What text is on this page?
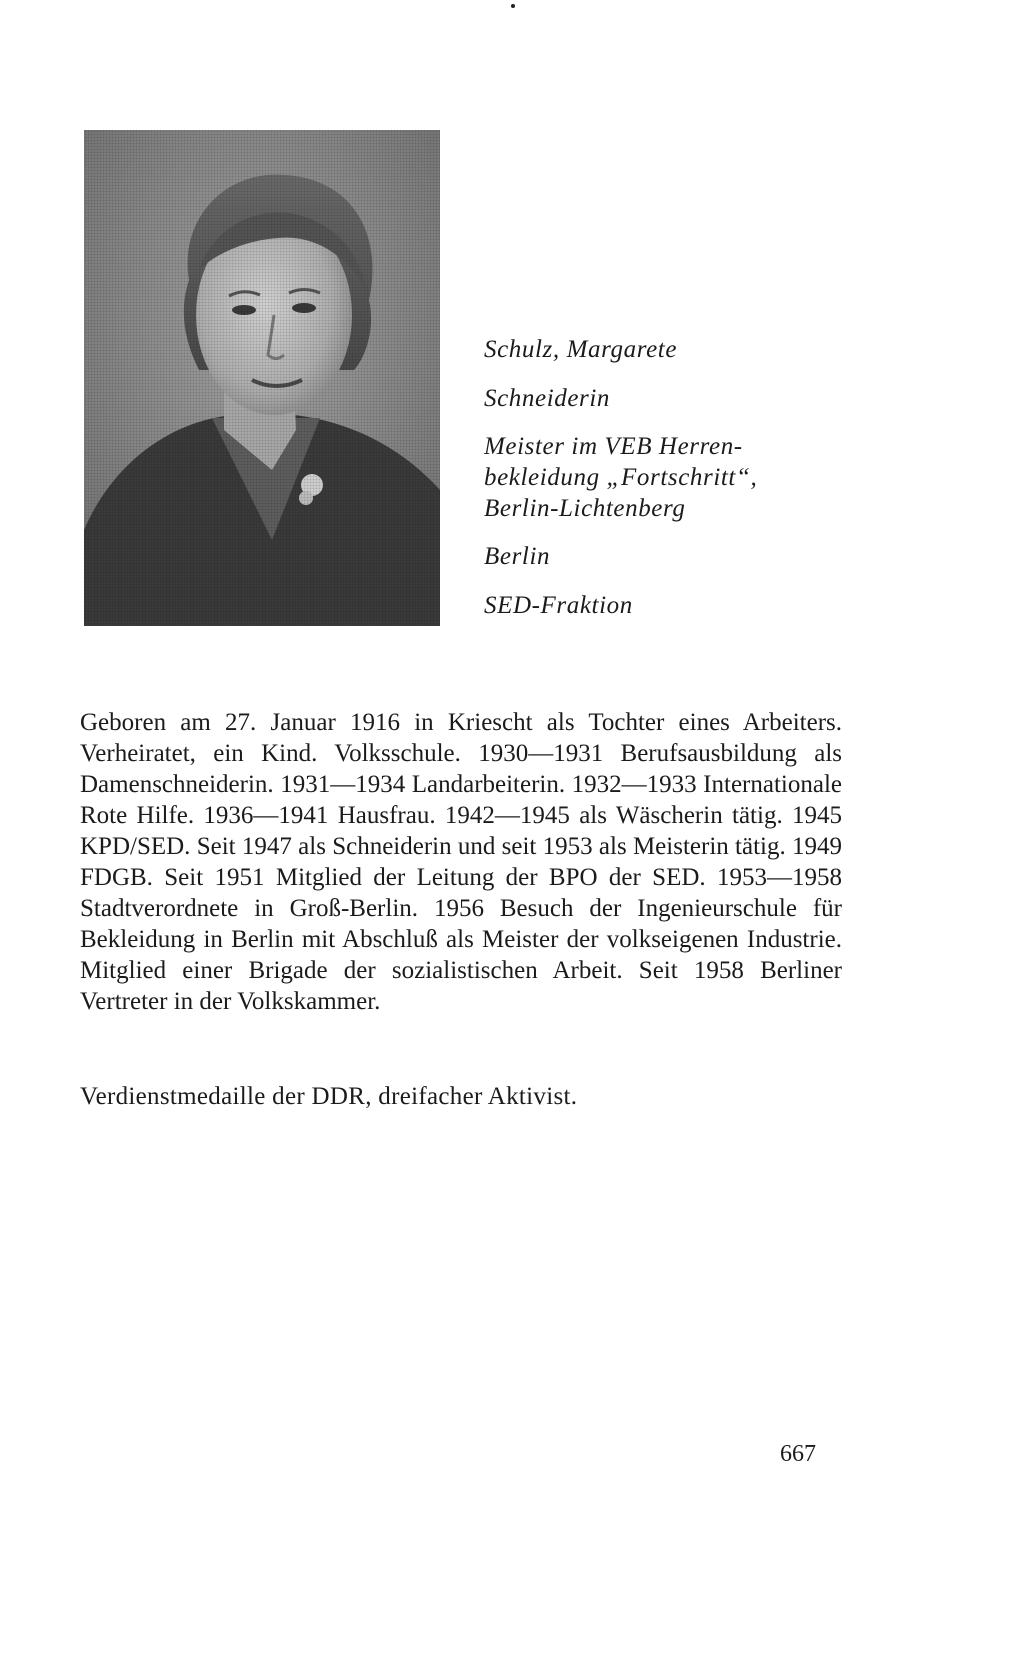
Schulz, Margarete
Schneiderin
Meister im VEB Herren-
bekleidung „Fortschritt“,
Berlin-Lichtenberg
Berlin
SED-Fraktion

Geboren am 27. Januar 1916 in Kriescht als Tochter eines Arbeiters. Verheiratet, ein Kind. Volksschule. 1930—1931 Berufsausbildung als Damenschneiderin. 1931—1934 Landarbeiterin. 1932—1933 Internationale Rote Hilfe. 1936—1941 Hausfrau. 1942—1945 als Wäscherin tätig. 1945 KPD/SED. Seit 1947 als Schneiderin und seit 1953 als Meisterin tätig. 1949 FDGB. Seit 1951 Mitglied der Leitung der BPO der SED. 1953—1958 Stadtverordnete in Groß-Berlin. 1956 Besuch der Ingenieurschule für Bekleidung in Berlin mit Abschluß als Meister der volkseigenen Industrie. Mitglied einer Brigade der sozialistischen Arbeit. Seit 1958 Berliner Vertreter in der Volkskammer.

Verdienstmedaille der DDR, dreifacher Aktivist.

667
